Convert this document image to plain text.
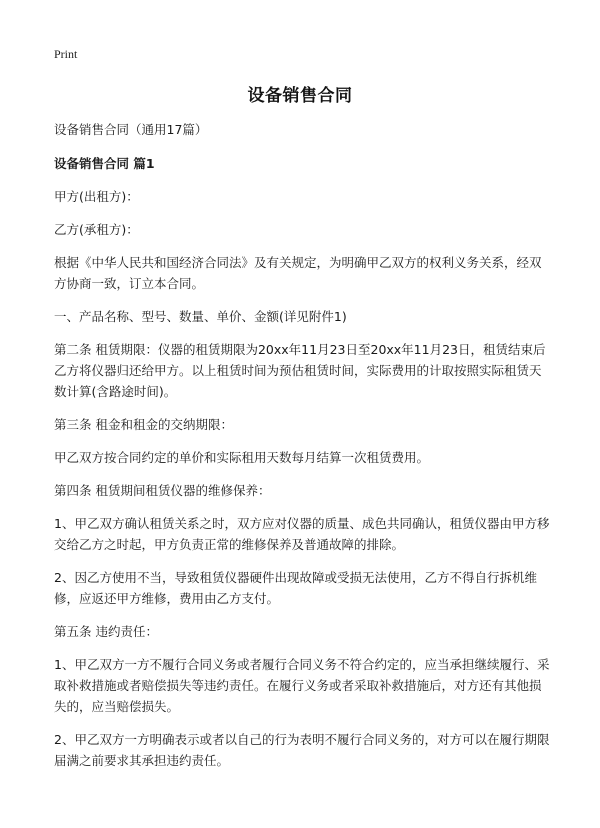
Print
设备销售合同

设备销售合同（通用17篇）

设备销售合同 篇1

甲方(出租方)：

乙方(承租方)：

根据《中华人民共和国经济合同法》及有关规定，为明确甲乙双方的权利义务关系，经双方协商一致，订立本合同。

一、产品名称、型号、数量、单价、金额(详见附件1)

第二条 租赁期限：仪器的租赁期限为20xx年11月23日至20xx年11月23日，租赁结束后乙方将仪器归还给甲方。以上租赁时间为预估租赁时间，实际费用的计取按照实际租赁天数计算(含路途时间)。

第三条 租金和租金的交纳期限：

甲乙双方按合同约定的单价和实际租用天数每月结算一次租赁费用。

第四条 租赁期间租赁仪器的维修保养：

1、甲乙双方确认租赁关系之时，双方应对仪器的质量、成色共同确认，租赁仪器由甲方移交给乙方之时起，甲方负责正常的维修保养及普通故障的排除。

2、因乙方使用不当，导致租赁仪器硬件出现故障或受损无法使用，乙方不得自行拆机维修，应返还甲方维修，费用由乙方支付。

第五条 违约责任：

1、甲乙双方一方不履行合同义务或者履行合同义务不符合约定的，应当承担继续履行、采取补救措施或者赔偿损失等违约责任。在履行义务或者采取补救措施后，对方还有其他损失的，应当赔偿损失。

2、甲乙双方一方明确表示或者以自己的行为表明不履行合同义务的，对方可以在履行期限届满之前要求其承担违约责任。
